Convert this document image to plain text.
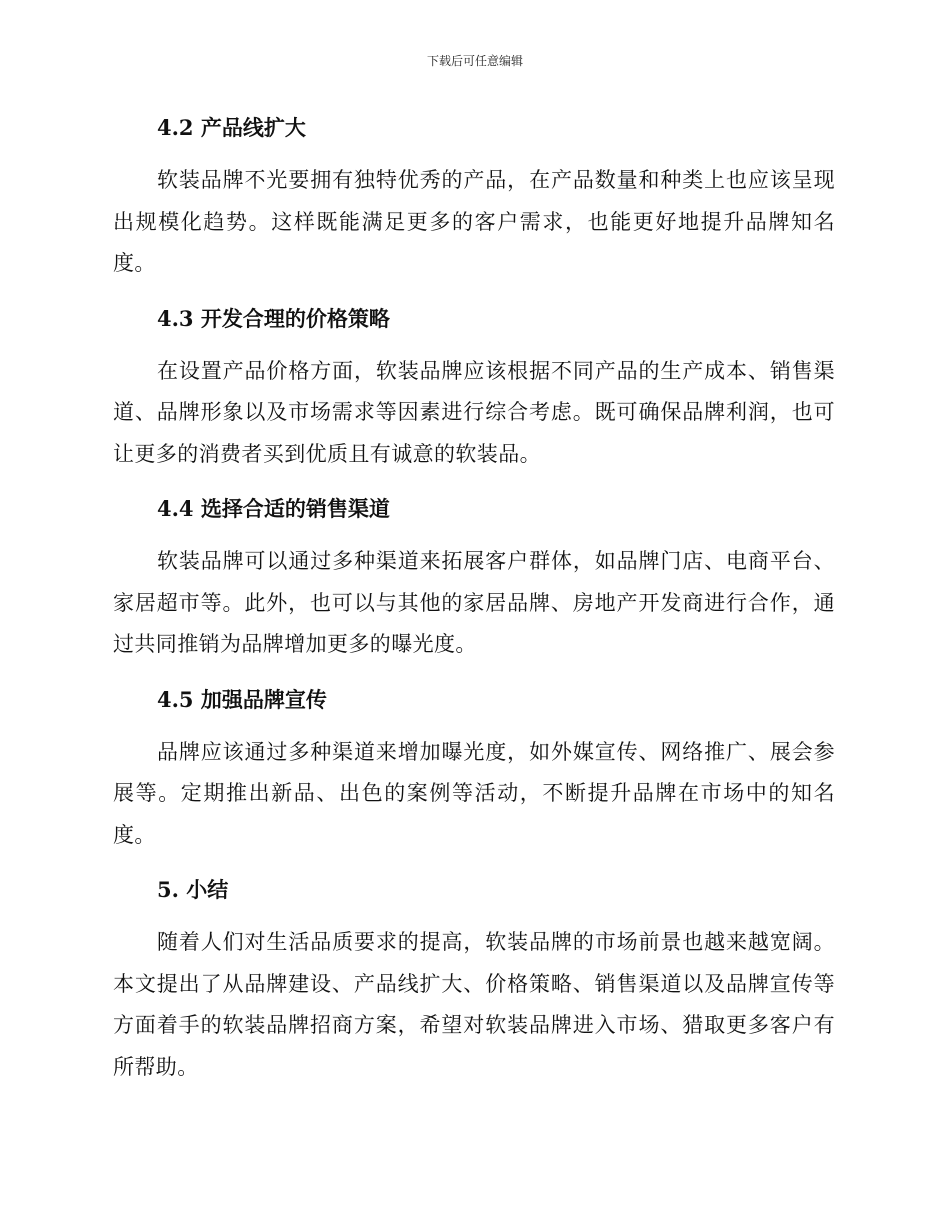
下载后可任意编辑
4.2 产品线扩大

软装品牌不光要拥有独特优秀的产品，在产品数量和种类上也应该呈现出规模化趋势。这样既能满足更多的客户需求，也能更好地提升品牌知名度。

4.3 开发合理的价格策略

在设置产品价格方面，软装品牌应该根据不同产品的生产成本、销售渠道、品牌形象以及市场需求等因素进行综合考虑。既可确保品牌利润，也可让更多的消费者买到优质且有诚意的软装品。

4.4 选择合适的销售渠道

软装品牌可以通过多种渠道来拓展客户群体，如品牌门店、电商平台、家居超市等。此外，也可以与其他的家居品牌、房地产开发商进行合作，通过共同推销为品牌增加更多的曝光度。

4.5 加强品牌宣传

品牌应该通过多种渠道来增加曝光度，如外媒宣传、网络推广、展会参展等。定期推出新品、出色的案例等活动，不断提升品牌在市场中的知名度。

5. 小结

随着人们对生活品质要求的提高，软装品牌的市场前景也越来越宽阔。本文提出了从品牌建设、产品线扩大、价格策略、销售渠道以及品牌宣传等方面着手的软装品牌招商方案，希望对软装品牌进入市场、猎取更多客户有所帮助。
